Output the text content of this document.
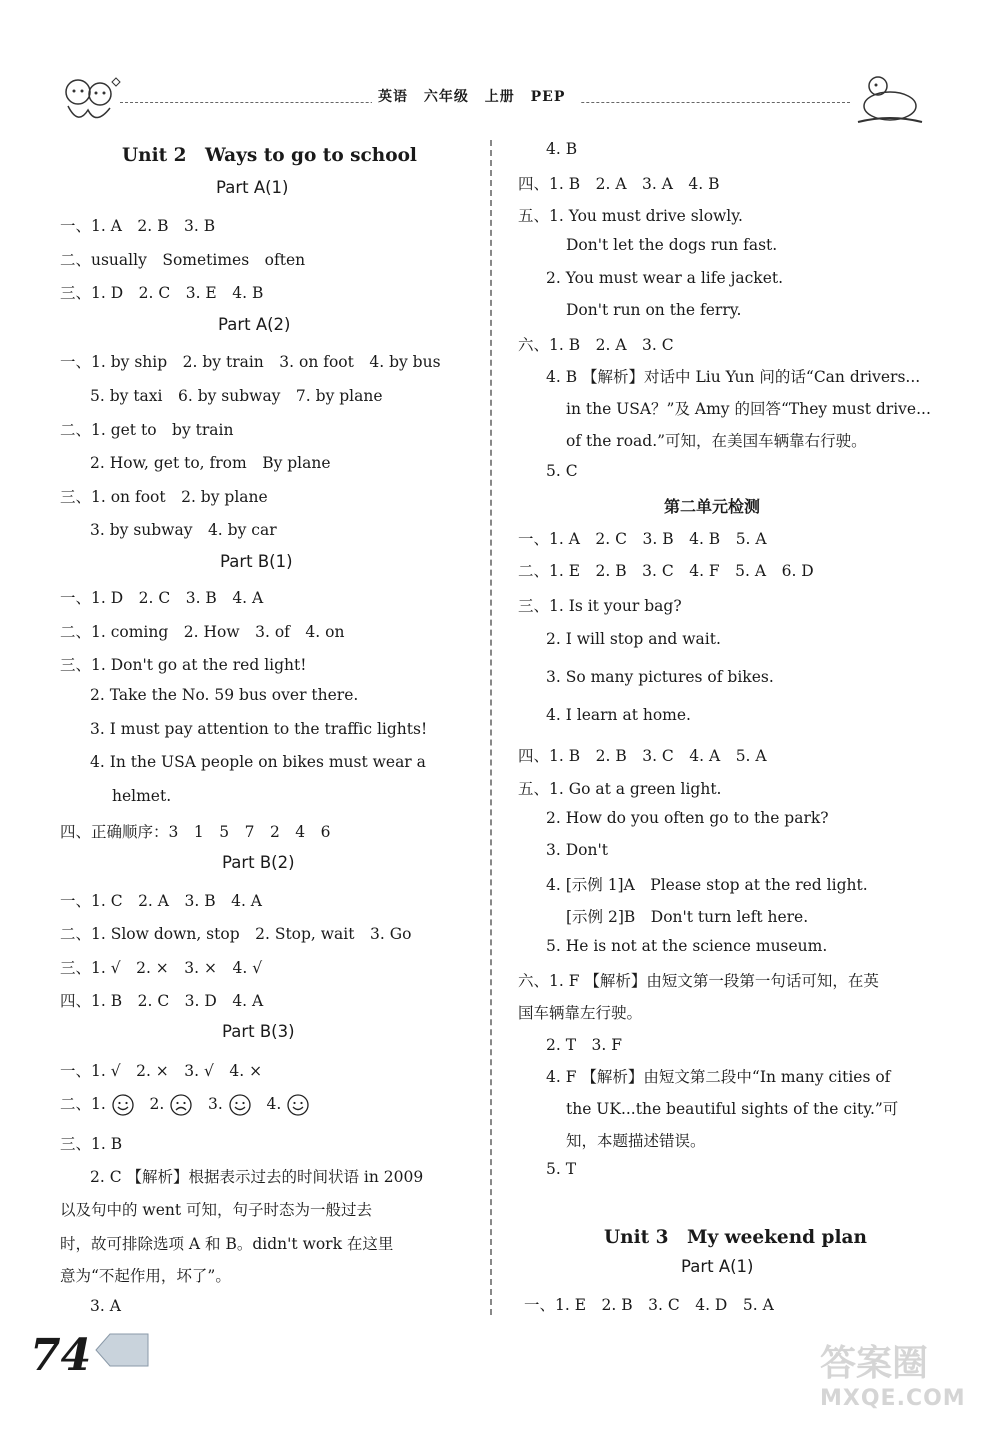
英语 六年级 上册 PEP
Unit 2　Ways to go to school
Part A(1)
一、1. A　2. B　3. B
二、usually　Sometimes　often
三、1. D　2. C　3. E　4. B
Part A(2)
一、1. by ship　2. by train　3. on foot　4. by bus
5. by taxi　6. by subway　7. by plane
二、1. get to　by train
2. How, get to, from　By plane
三、1. on foot　2. by plane
3. by subway　4. by car
Part B(1)
一、1. D　2. C　3. B　4. A
二、1. coming　2. How　3. of　4. on
三、1. Don't go at the red light!
2. Take the No. 59 bus over there.
3. I must pay attention to the traffic lights!
4. In the USA people on bikes must wear a
helmet.
四、正确顺序：3　1　5　7　2　4　6
Part B(2)
一、1. C　2. A　3. B　4. A
二、1. Slow down, stop　2. Stop, wait　3. Go
三、1. √　2. ×　3. ×　4. √
四、1. B　2. C　3. D　4. A
Part B(3)
一、1. √　2. ×　3. √　4. ×
二、1.	2.	3.	4.
三、1. B
2. C 【解析】根据表示过去的时间状语 in 2009
以及句中的 went 可知，句子时态为一般过去
时，故可排除选项 A 和 B。didn't work 在这里
意为“不起作用，坏了”。
3. A
4. B
四、1. B　2. A　3. A　4. B
五、1. You must drive slowly.
Don't let the dogs run fast.
2. You must wear a life jacket.
Don't run on the ferry.
六、1. B　2. A　3. C
4. B 【解析】对话中 Liu Yun 问的话“Can drivers...
in the USA？”及 Amy 的回答“They must drive...
of the road.”可知，在美国车辆靠右行驶。
5. C
第二单元检测
一、1. A　2. C　3. B　4. B　5. A
二、1. E　2. B　3. C　4. F　5. A　6. D
三、1. Is it your bag?
2. I will stop and wait.
3. So many pictures of bikes.
4. I learn at home.
四、1. B　2. B　3. C　4. A　5. A
五、1. Go at a green light.
2. How do you often go to the park?
3. Don't
4. [示例 1]A　Please stop at the red light.
[示例 2]B　Don't turn left here.
5. He is not at the science museum.
六、1. F 【解析】由短文第一段第一句话可知，在英
国车辆靠左行驶。
2. T　3. F
4. F 【解析】由短文第二段中“In many cities of
the UK...the beautiful sights of the city.”可
知，本题描述错误。
5. T
Unit 3　My weekend plan
Part A(1)
一、1. E　2. B　3. C　4. D　5. A
74	答案圈
MXQE.COM
